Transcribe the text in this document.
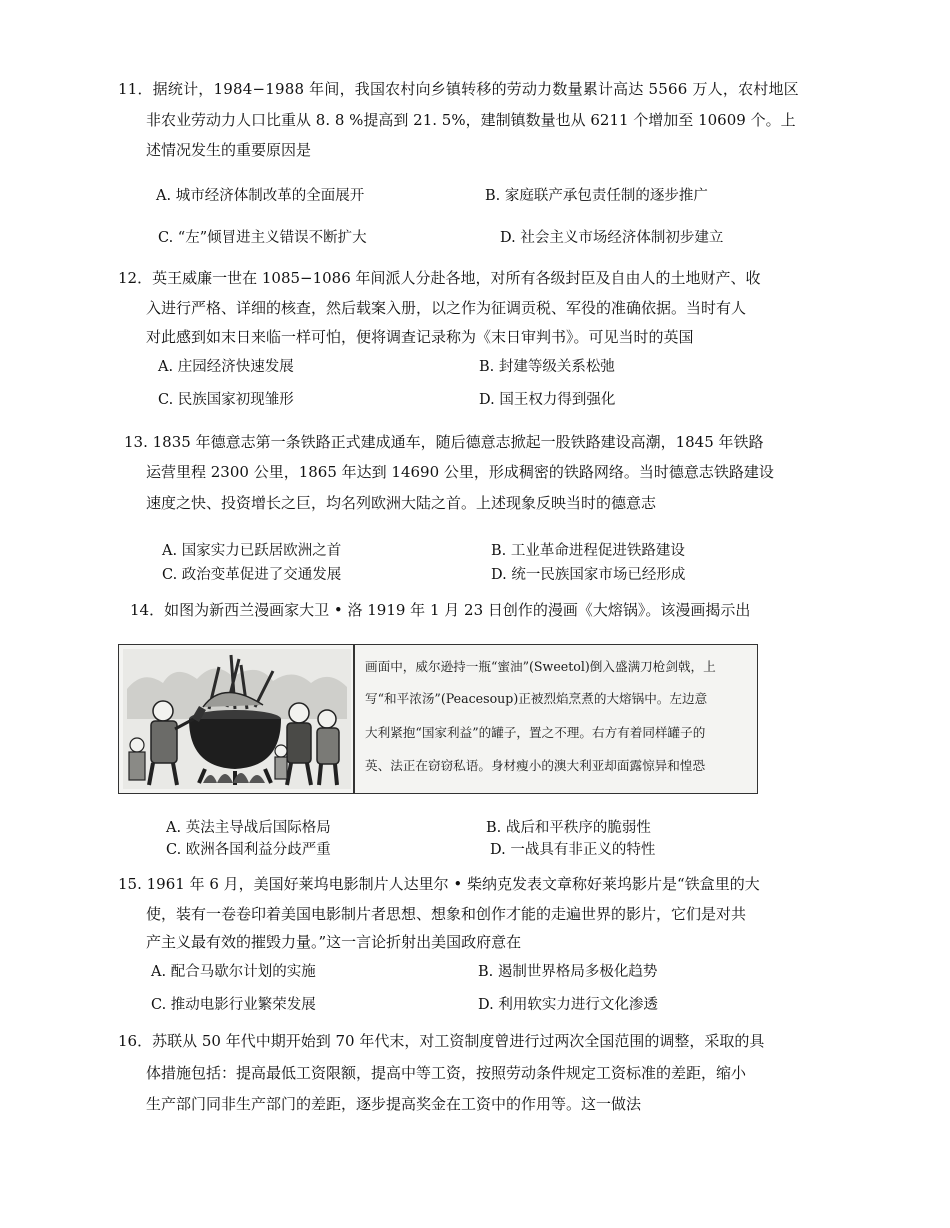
11．据统计，1984−1988 年间，我国农村向乡镇转移的劳动力数量累计高达 5566 万人，农村地区
非农业劳动力人口比重从 8. 8 %提高到 21. 5%，建制镇数量也从 6211 个增加至 10609 个。上
述情况发生的重要原因是
A. 城市经济体制改革的全面展开	B. 家庭联产承包责任制的逐步推广
C. “左”倾冒进主义错误不断扩大	D. 社会主义市场经济体制初步建立
12．英王威廉一世在 1085−1086 年间派人分赴各地，对所有各级封臣及自由人的土地财产、收
入进行严格、详细的核查，然后载案入册，以之作为征调贡税、军役的准确依据。当时有人
对此感到如末日来临一样可怕，便将调查记录称为《末日审判书》。可见当时的英国
A. 庄园经济快速发展	B. 封建等级关系松弛
C. 民族国家初现雏形	D. 国王权力得到强化
13. 1835 年德意志第一条铁路正式建成通车，随后德意志掀起一股铁路建设高潮，1845 年铁路
运营里程 2300 公里，1865 年达到 14690 公里，形成稠密的铁路网络。当时德意志铁路建设
速度之快、投资增长之巨，均名列欧洲大陆之首。上述现象反映当时的德意志
A. 国家实力已跃居欧洲之首	B. 工业革命进程促进铁路建设
C. 政治变革促进了交通发展	D. 统一民族国家市场已经形成
14．如图为新西兰漫画家大卫 • 洛 1919 年 1 月 23 日创作的漫画《大熔锅》。该漫画揭示出
画面中，威尔逊持一瓶“蜜油”(Sweetol)倒入盛满刀枪剑戟，上
写“和平浓汤”(Peacesoup)正被烈焰烹煮的大熔锅中。左边意
大利紧抱“国家利益”的罐子，置之不理。右方有着同样罐子的
英、法正在窃窃私语。身材瘦小的澳大利亚却面露惊异和惶恐
A. 英法主导战后国际格局	B. 战后和平秩序的脆弱性
C. 欧洲各国利益分歧严重	D. 一战具有非正义的特性
15. 1961 年 6 月，美国好莱坞电影制片人达里尔 • 柴纳克发表文章称好莱坞影片是“铁盒里的大
使，装有一卷卷印着美国电影制片者思想、想象和创作才能的走遍世界的影片，它们是对共
产主义最有效的摧毁力量。”这一言论折射出美国政府意在
A. 配合马歇尔计划的实施	B. 遏制世界格局多极化趋势
C. 推动电影行业繁荣发展	D. 利用软实力进行文化渗透
16．苏联从 50 年代中期开始到 70 年代末，对工资制度曾进行过两次全国范围的调整，采取的具
体措施包括：提高最低工资限额，提高中等工资，按照劳动条件规定工资标准的差距，缩小
生产部门同非生产部门的差距，逐步提高奖金在工资中的作用等。这一做法
